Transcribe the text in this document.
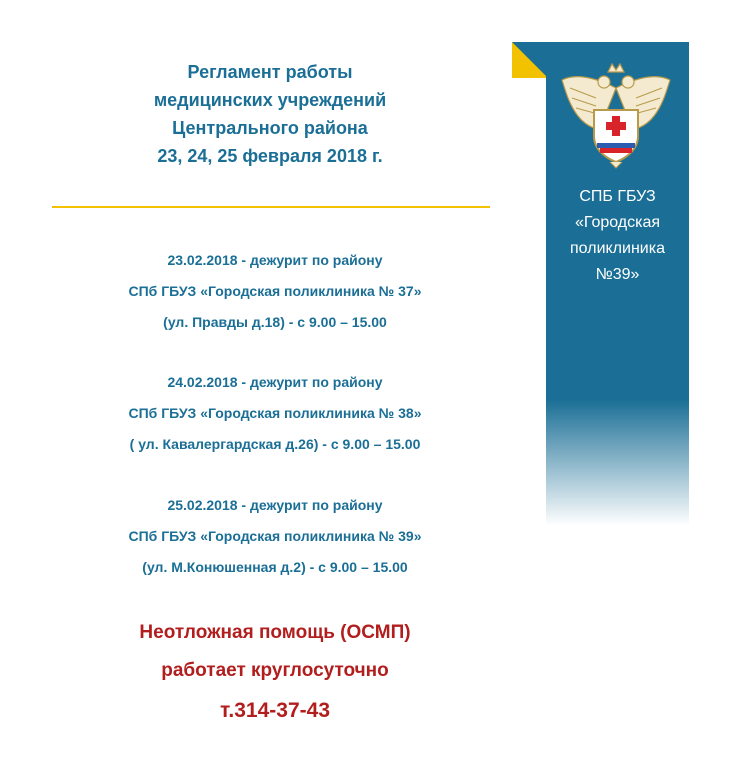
Регламент работы
медицинских учреждений
Центрального района
23, 24, 25 февраля 2018 г.
23.02.2018 - дежурит по району
СПб ГБУЗ «Городская поликлиника № 37»
(ул. Правды д.18) - с 9.00 – 15.00
24.02.2018 - дежурит по району
СПб ГБУЗ «Городская поликлиника № 38»
( ул. Кавалергардская д.26) - с 9.00 – 15.00
25.02.2018 - дежурит по району
СПб ГБУЗ «Городская поликлиника № 39»
(ул. М.Конюшенная д.2) - с 9.00 – 15.00
Неотложная помощь (ОСМП)
работает круглосуточно
т.314-37-43
СПБ ГБУЗ
«Городская
поликлиника
№39»
